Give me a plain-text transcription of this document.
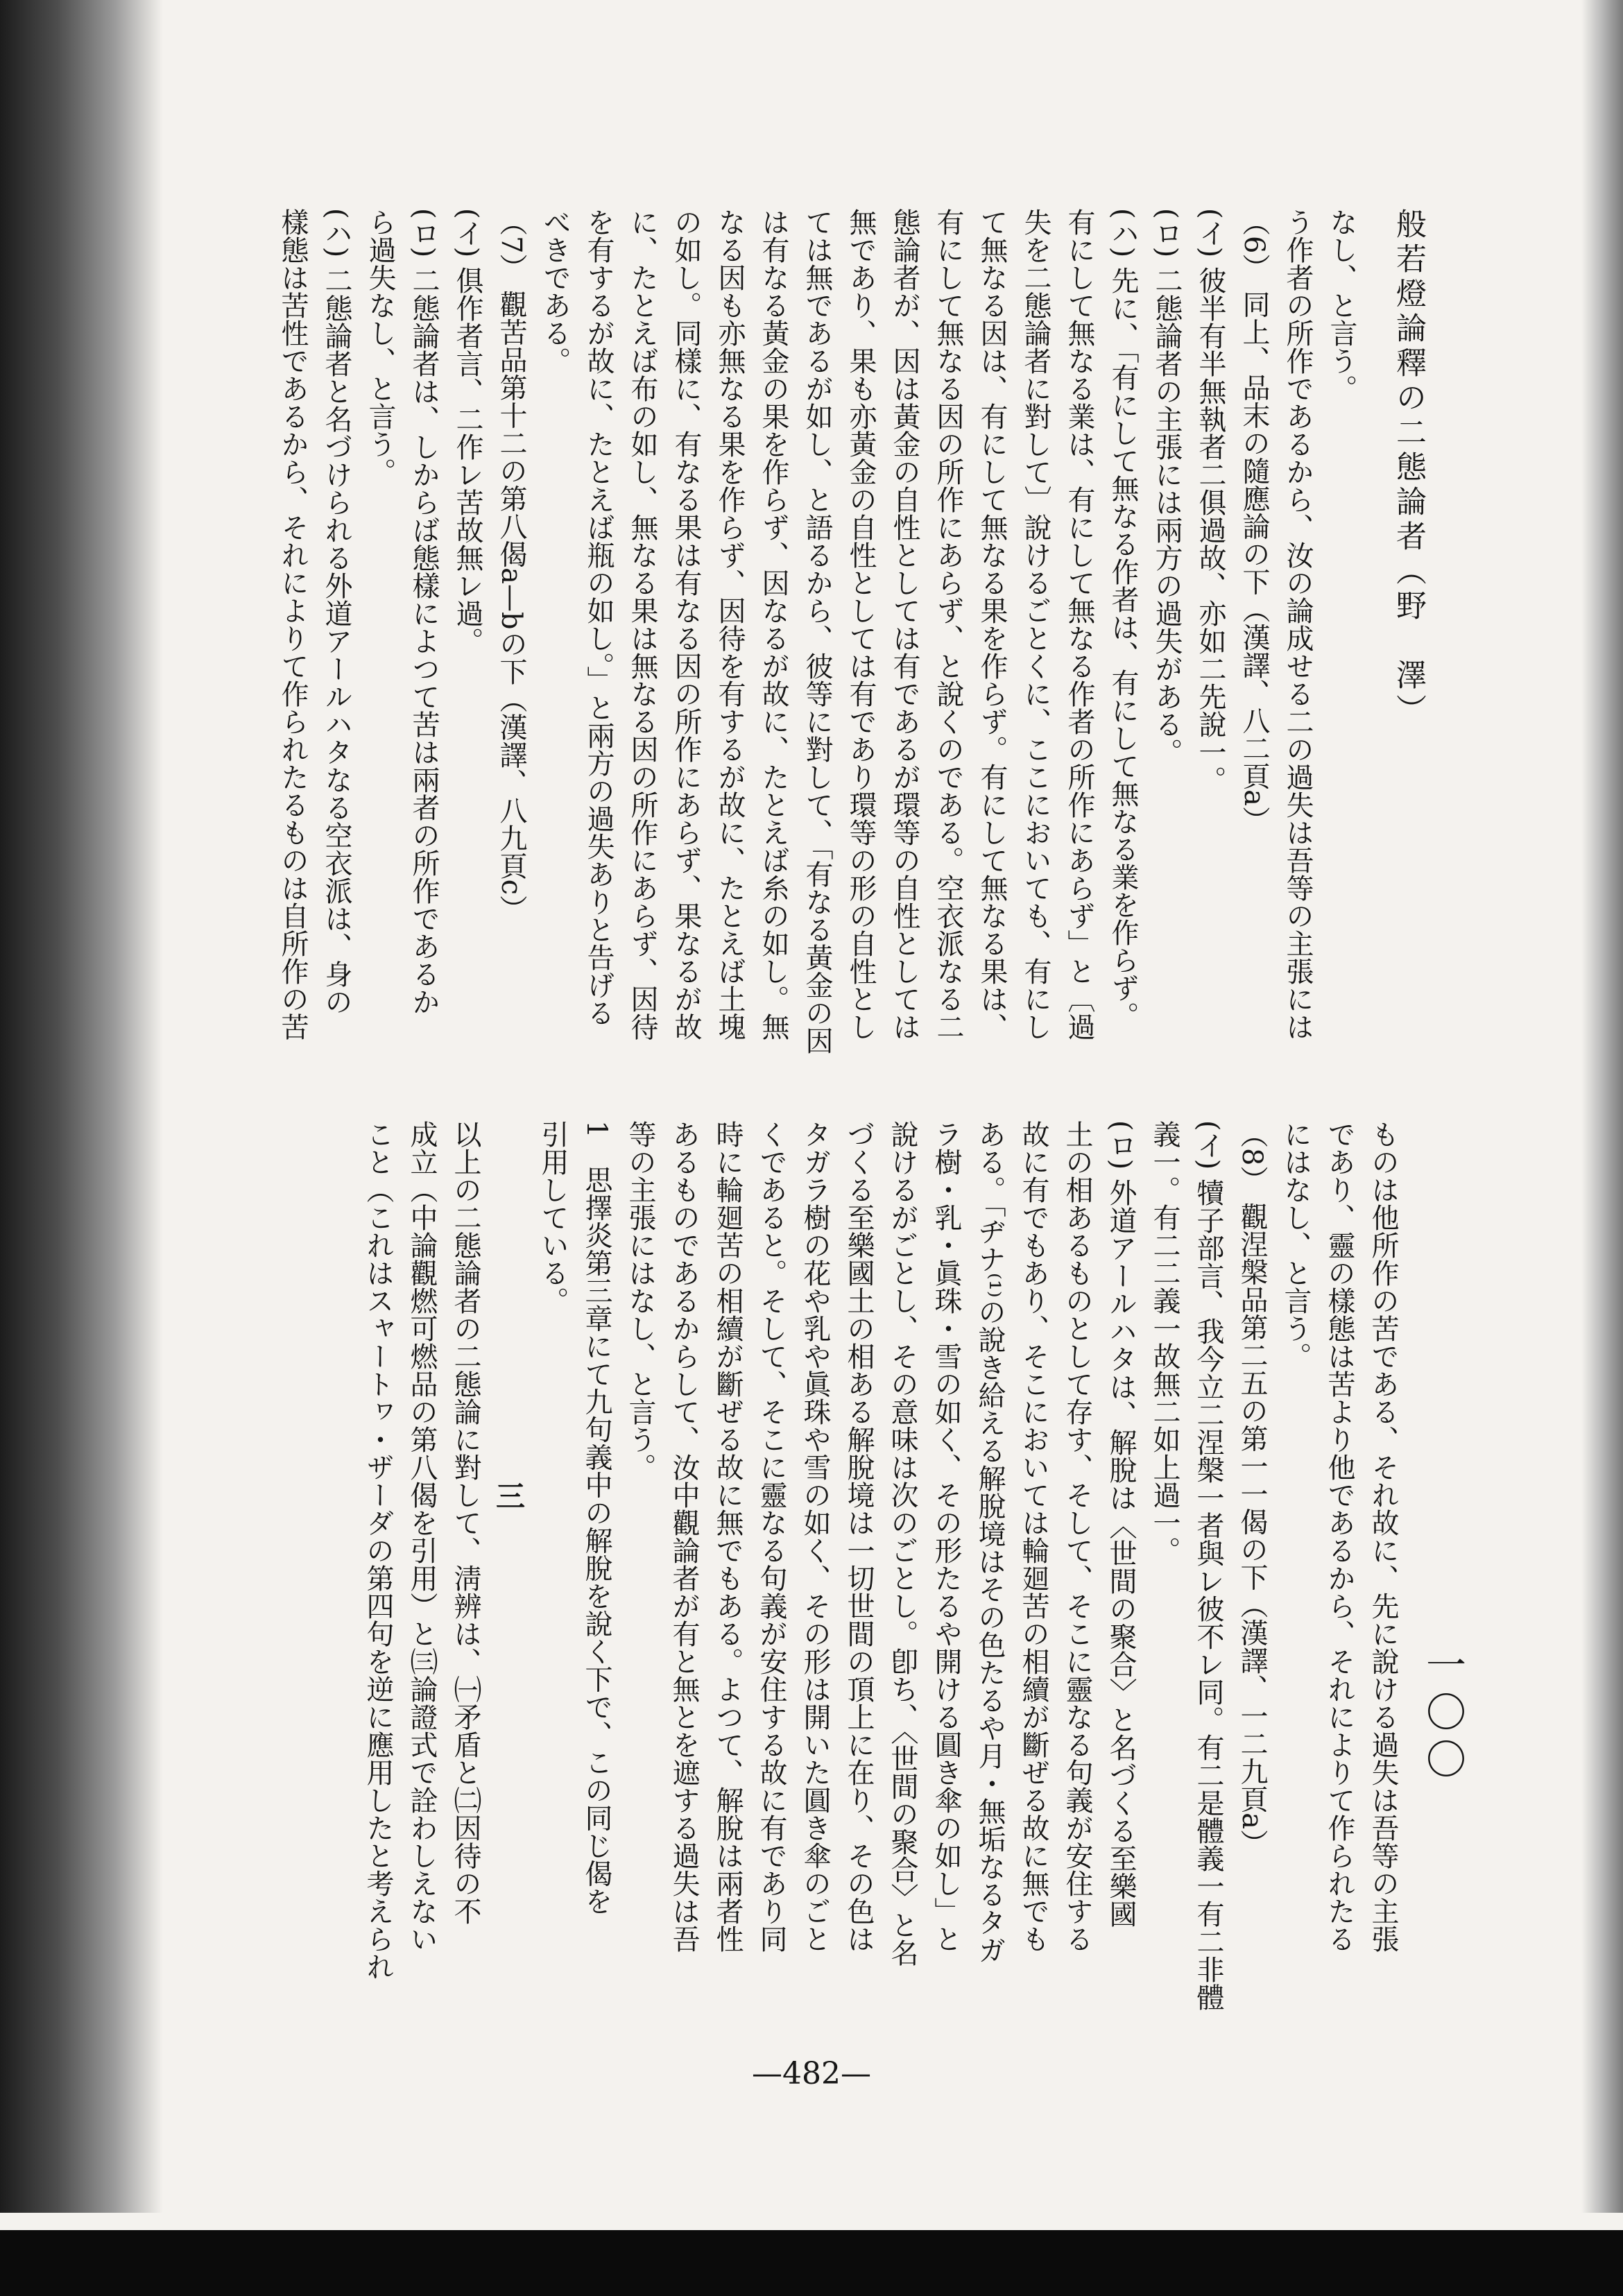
般若燈論釋の二態論者（野　澤）
一〇〇
なし、と言う。
う作者の所作であるから、汝の論成せる二の過失は吾等の主張には
（6） 同上、品末の隨應論の下（漢譯、八二頁a）
(イ) 彼半有半無執者二俱過故、亦如二先說一。
(ロ) 二態論者の主張には兩方の過失がある。
(ハ) 先に、「有にして無なる作者は、有にして無なる業を作らず。
有にして無なる業は、有にして無なる作者の所作にあらず」と〔過
失を二態論者に對して〕說けるごとくに、ここにおいても、有にし
て無なる因は、有にして無なる果を作らず。有にして無なる果は、
有にして無なる因の所作にあらず、と說くのである。空衣派なる二
態論者が、因は黃金の自性としては有であるが環等の自性としては
無であり、果も亦黃金の自性としては有であり環等の形の自性とし
ては無であるが如し、と語るから、彼等に對して、「有なる黃金の因
は有なる黃金の果を作らず、因なるが故に、たとえば糸の如し。無
なる因も亦無なる果を作らず、因待を有するが故に、たとえば土塊
の如し。同樣に、有なる果は有なる因の所作にあらず、果なるが故
に、たとえば布の如し、無なる果は無なる因の所作にあらず、因待
を有するが故に、たとえば瓶の如し。」と兩方の過失ありと告げる
べきである。
（7） 觀苦品第十二の第八偈a—bの下（漢譯、八九頁c）
(イ) 俱作者言、二作レ苦故無レ過。
(ロ) 二態論者は、しからば態樣によつて苦は兩者の所作であるか
ら過失なし、と言う。
(ハ) 二態論者と名づけられる外道アールハタなる空衣派は、身の
樣態は苦性であるから、それによりて作られたるものは自所作の苦
ものは他所作の苦である、それ故に、先に說ける過失は吾等の主張
であり、靈の樣態は苦より他であるから、それによりて作られたる
にはなし、と言う。
（8） 觀涅槃品第二五の第一一偈の下（漢譯、一二九頁a）
(イ) 犢子部言、我今立二涅槃一者與レ彼不レ同。有二是體義一有二非體
義一。有二二義一故無二如上過一。
(ロ) 外道アールハタは、解脫は〈世間の聚合〉と名づくる至樂國
土の相あるものとして存す、そして、そこに靈なる句義が安住する
故に有でもあり、そこにおいては輪廻苦の相續が斷ぜる故に無でも
ある。「ヂナ⁽¹⁾の說き給える解脫境はその色たるや月・無垢なるタガ
ラ樹・乳・眞珠・雪の如く、その形たるや開ける圓き傘の如し」と
說けるがごとし、その意味は次のごとし。卽ち、〈世間の聚合〉と名
づくる至樂國土の相ある解脫境は一切世間の頂上に在り、その色は
タガラ樹の花や乳や眞珠や雪の如く、その形は開いた圓き傘のごと
くであると。そして、そこに靈なる句義が安住する故に有であり同
時に輪廻苦の相續が斷ぜる故に無でもある。よつて、解脫は兩者性
あるものであるからして、汝中觀論者が有と無とを遮する過失は吾
等の主張にはなし、と言う。
1　思擇炎第三章にて九句義中の解脫を說く下で、この同じ偈を
引用している。
三
以上の二態論者の二態論に對して、淸辨は、㈠矛盾と㈡因待の不
成立（中論觀燃可燃品の第八偈を引用）と㈢論證式で詮わしえない
こと（これはスャートヮ・ザーダの第四句を逆に應用したと考えられ
—482—
